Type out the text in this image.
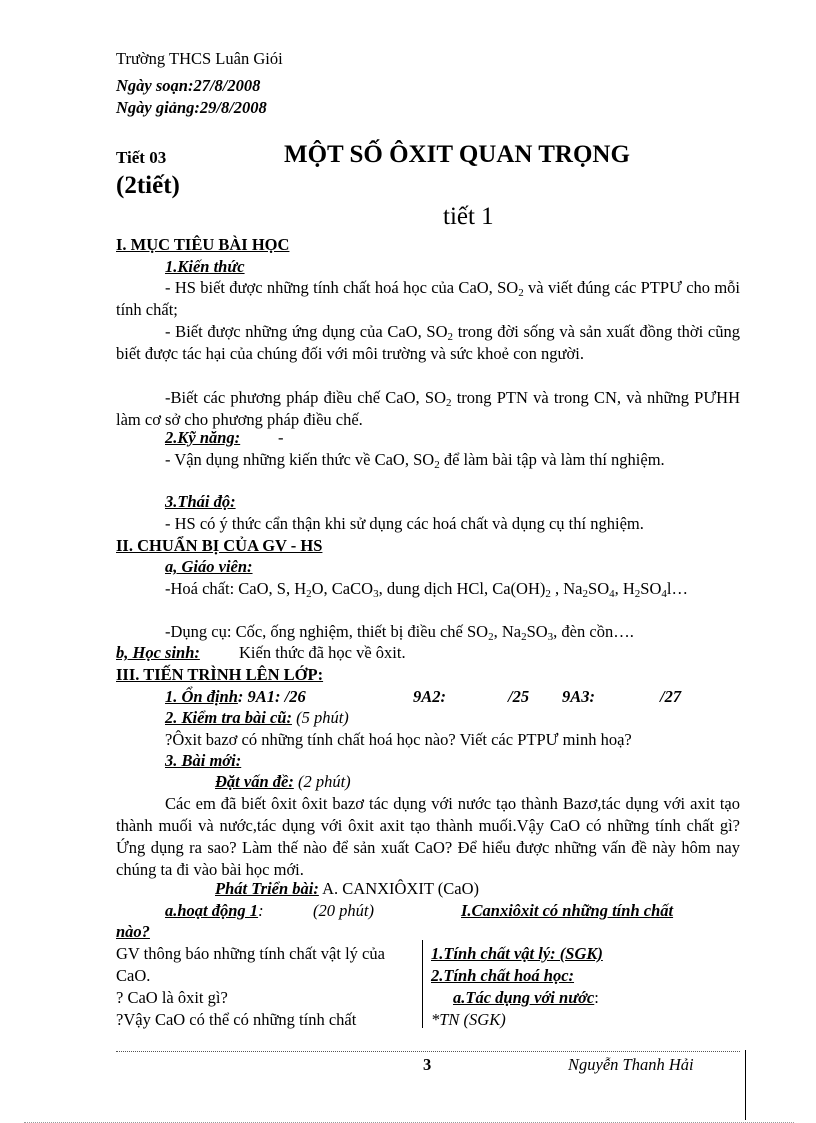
Trường THCS Luân Giói
Ngày soạn:27/8/2008
Ngày giảng:29/8/2008
Tiết 03	MỘT SỐ ÔXIT QUAN TRỌNG
(2tiết)
tiết 1
I. MỤC TIÊU BÀI HỌC
1.Kiến thức
- HS biết được những tính chất hoá học của CaO, $SO_2$ và viết đúng các PTPƯ cho mỗi tính chất;
- Biết được những ứng dụng của CaO, $SO_2$ trong đời sống và sản xuất đồng thời cũng biết được tác hại của chúng đối với môi trường và sức khoẻ con người.
-Biết các phương pháp điều chế CaO, $SO_2$ trong PTN và trong CN, và những PƯHH làm cơ sở cho phương pháp điều chế.
2.Kỹ năng: -
- Vận dụng những kiến thức về CaO, $SO_2$ để làm bài tập và làm thí nghiệm.
3.Thái độ:
- HS có ý thức cẩn thận khi sử dụng các hoá chất và dụng cụ thí nghiệm.
II. CHUẨN BỊ CỦA GV - HS
a, Giáo viên:
-Hoá chất: CaO, S, $H_2O$, CaCO$_3$, dung dịch HCl, $Ca(OH)_2$ , $Na_2SO_4$, $H_2SO_4l\dots$
-Dụng cụ: Cốc, ống nghiệm, thiết bị điều chế $SO_2$, $Na_2SO_3$, đèn cồn….
b, Học sinh: Kiến thức đã học về ôxit.
III. TIẾN TRÌNH LÊN LỚP:
1. Ổn định: 9A1: /26	9A2:	/25 9A3:	/27
2. Kiểm tra bài cũ: (5 phút)
?Ôxit bazơ có những tính chất hoá học nào? Viết các PTPƯ minh hoạ?
3. Bài mới:
Đặt vấn đề: (2 phút)
Các em đã biết ôxit ôxit bazơ tác dụng với nước tạo thành Bazơ,tác dụng với axit tạo thành muối và nước,tác dụng với ôxit axit tạo thành muối.Vậy CaO có những tính chất gì? Ứng dụng ra sao? Làm thế nào để sản xuất CaO? Để hiểu được những vấn đề này hôm nay chúng ta đi vào bài học mới.
Phát Triển bài: A. CANXIÔXIT (CaO)
a.hoạt động 1:	(20 phút)	I.Canxiôxit có những tính chất
nào?
GV thông báo những tính chất vật lý của CaO.
? CaO là ôxit gì?
?Vậy CaO có thể có những tính chất
1.Tính chất vật lý: (SGK)
2.Tính chất hoá học:
a.Tác dụng với nước:
*TN (SGK)
3	Nguyễn Thanh Hải
